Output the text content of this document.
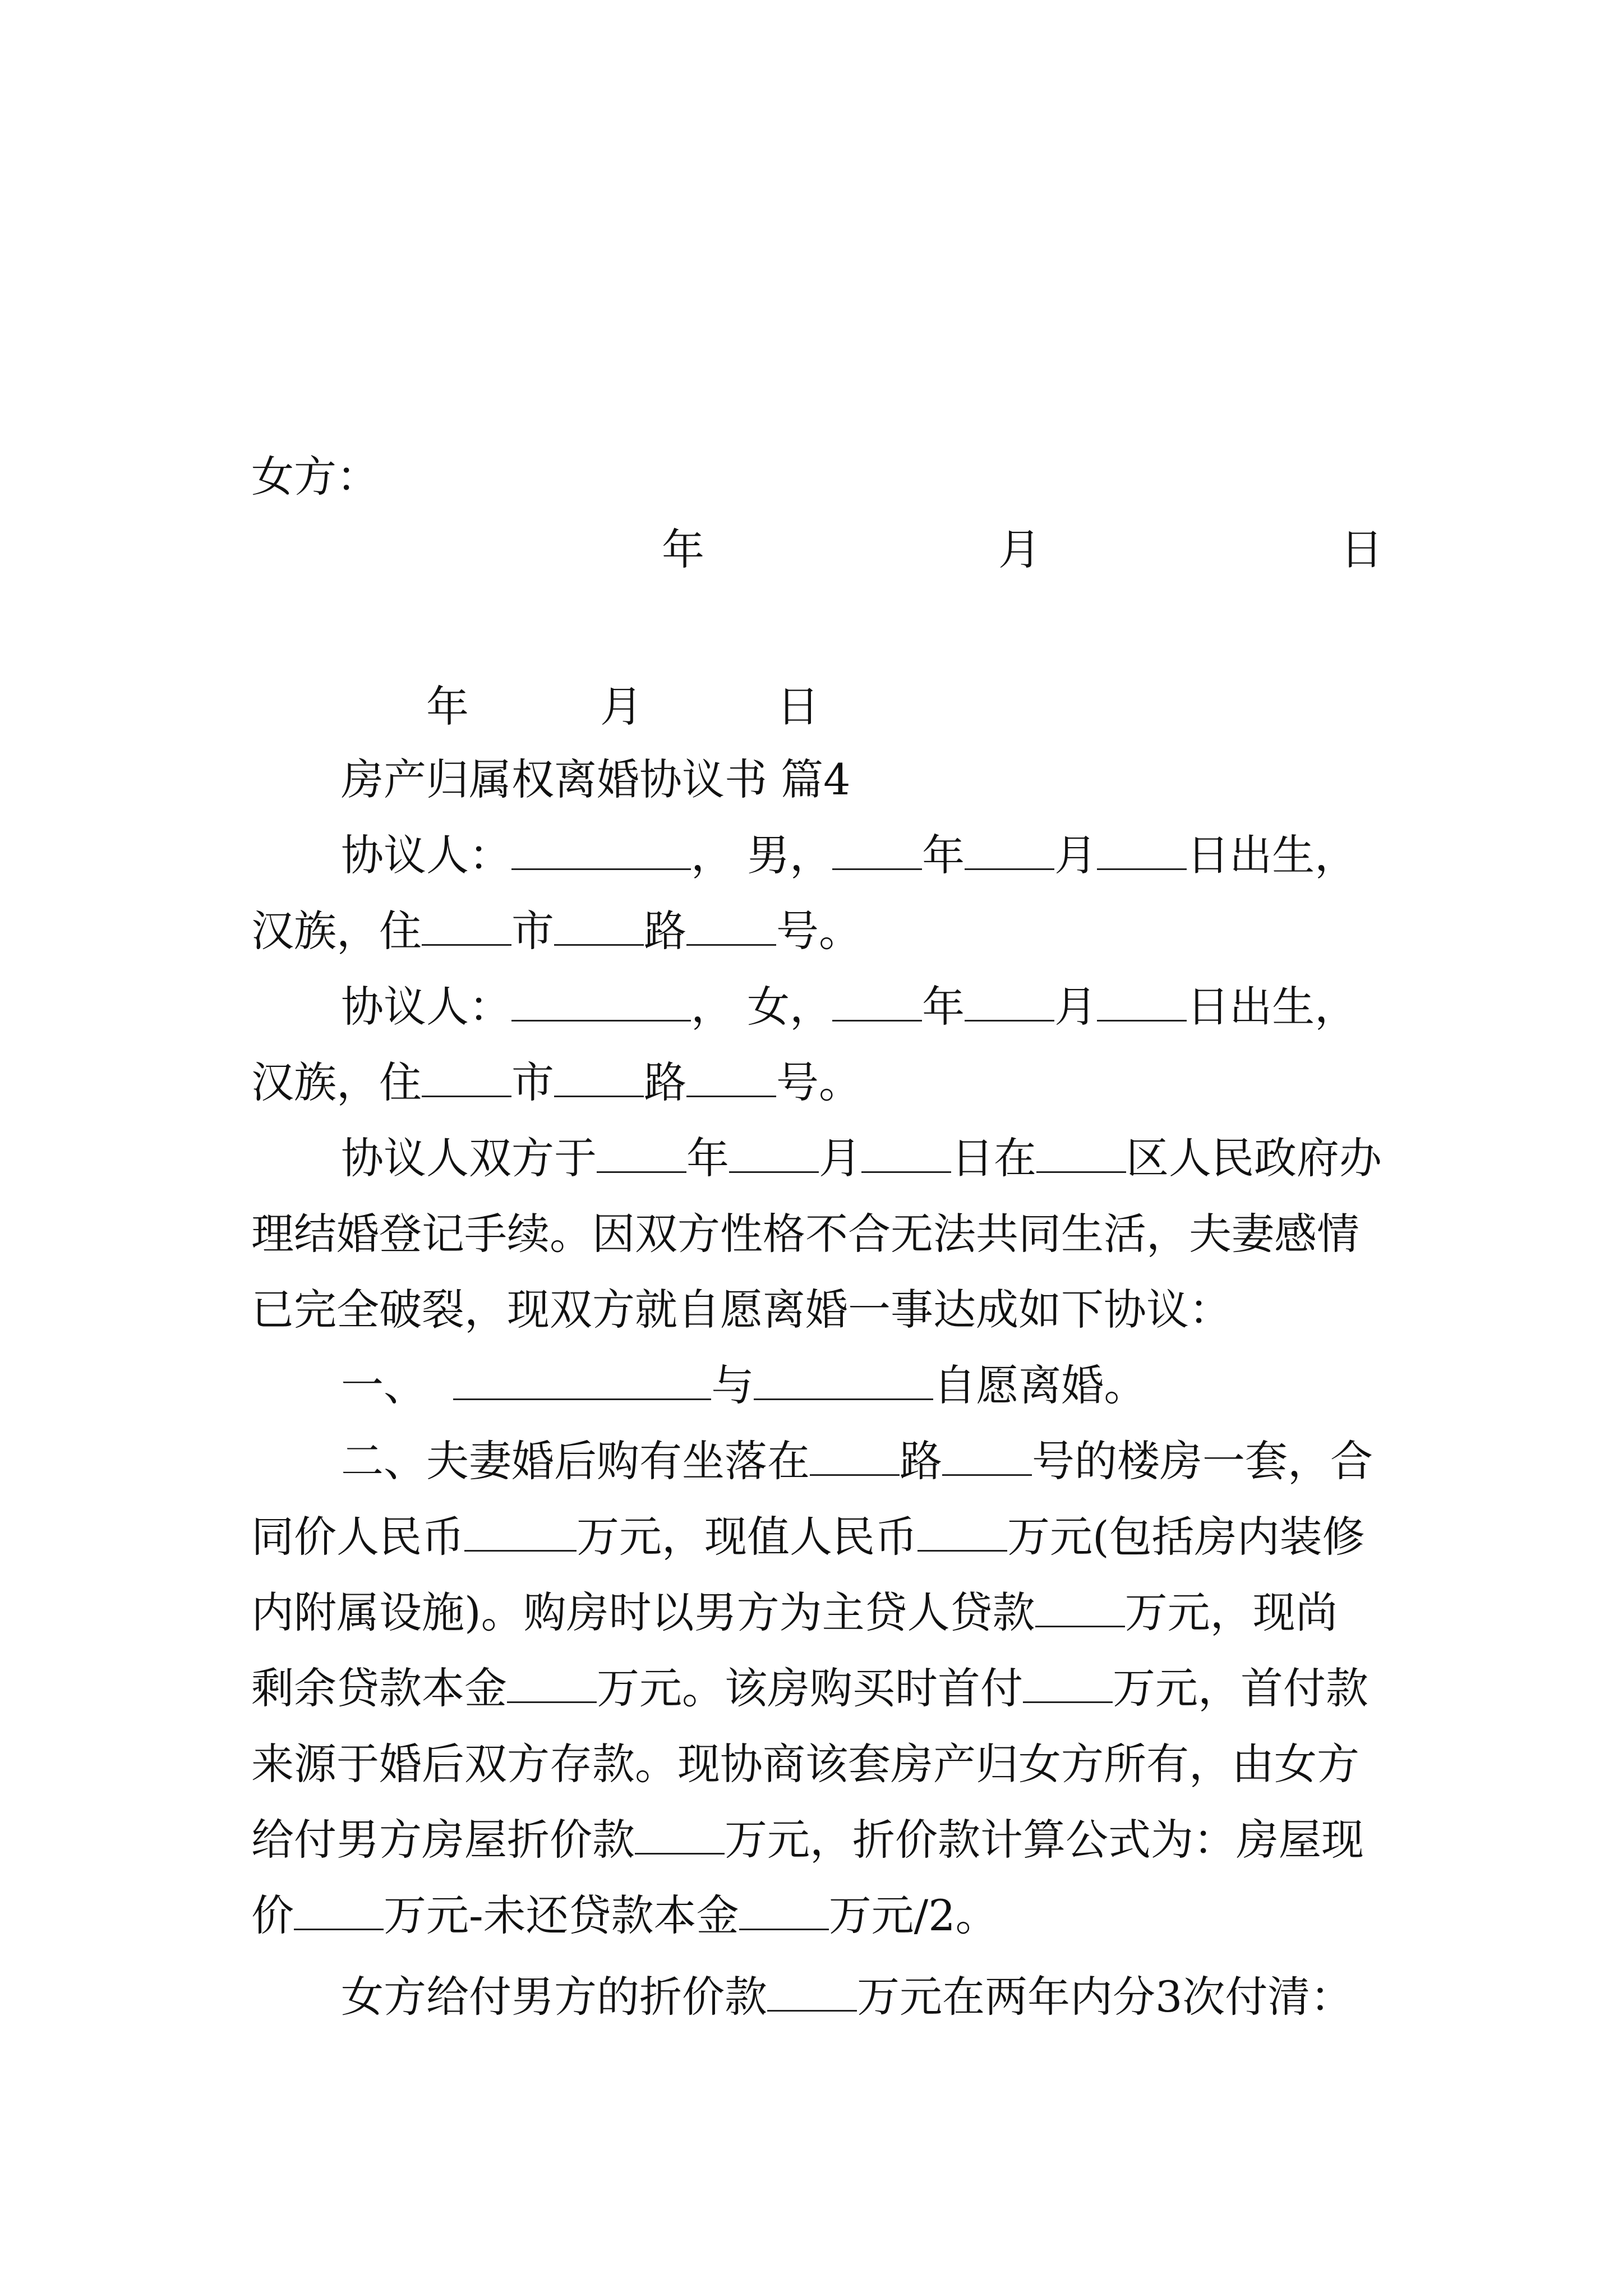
女方：
年	月	日
年	月	日
房产归属权离婚协议书 篇4
协议人：	， 男， 年 月 日出生，
汉族，住 市 路 号。
协议人：	， 女， 年 月 日出生，
汉族，住 市 路 号。
协议人双方于 年 月 日在 区人民政府办
理结婚登记手续。因双方性格不合无法共同生活，夫妻感情
已完全破裂，现双方就自愿离婚一事达成如下协议：
一、	与	自愿离婚。
二、夫妻婚后购有坐落在 路 号的楼房一套，合
同价人民币	万元，现值人民币 万元(包括房内装修
内附属设施)。购房时以男方为主贷人贷款 万元，现尚
剩余贷款本金 万元。该房购买时首付 万元，首付款
来源于婚后双方存款。现协商该套房产归女方所有，由女方
给付男方房屋折价款 万元，折价款计算公式为：房屋现
价 万元-未还贷款本金 万元/2。
女方给付男方的折价款 万元在两年内分3次付清：
